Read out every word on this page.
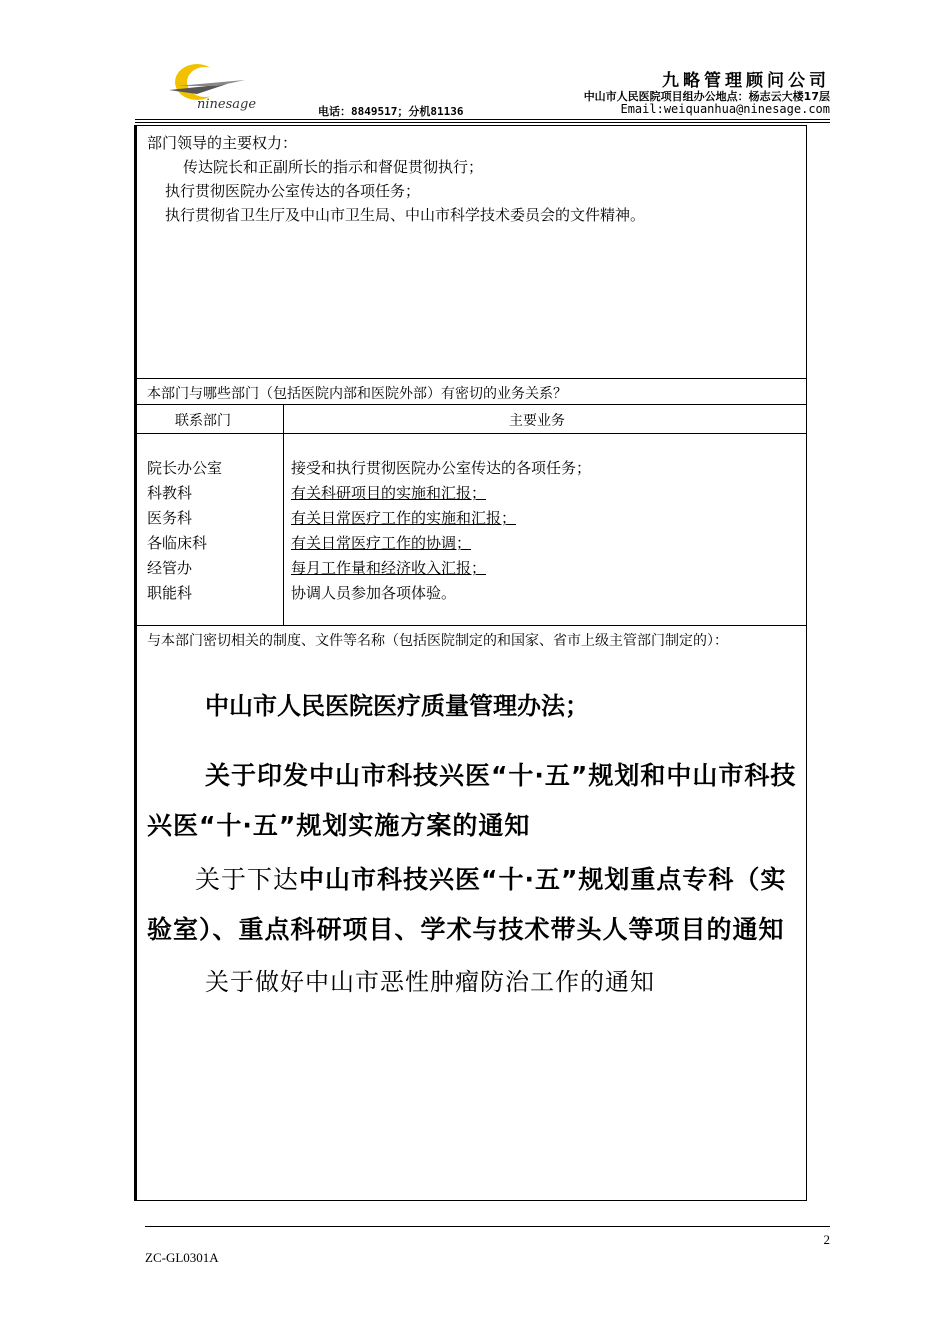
ninesage
九略管理顾问公司
中山市人民医院项目组办公地点：杨志云大楼17层
电话：8849517；分机81136	Email:weiquanhua@ninesage.com
部门领导的主要权力：
传达院长和正副所长的指示和督促贯彻执行；
执行贯彻医院办公室传达的各项任务；
执行贯彻省卫生厅及中山市卫生局、中山市科学技术委员会的文件精神。
本部门与哪些部门（包括医院内部和医院外部）有密切的业务关系？
联系部门	主要业务
院长办公室
科教科
医务科
各临床科
经管办
职能科
接受和执行贯彻医院办公室传达的各项任务；
有关科研项目的实施和汇报；
有关日常医疗工作的实施和汇报；
有关日常医疗工作的协调；
每月工作量和经济收入汇报；
协调人员参加各项体验。
与本部门密切相关的制度、文件等名称（包括医院制定的和国家、省市上级主管部门制定的）：
中山市人民医院医疗质量管理办法；
关于印发中山市科技兴医“十·五”规划和中山市科技兴医“十·五”规划实施方案的通知
关于下达中山市科技兴医“十·五”规划重点专科（实验室）、重点科研项目、学术与技术带头人等项目的通知
关于做好中山市恶性肿瘤防治工作的通知
2
ZC-GL0301A
